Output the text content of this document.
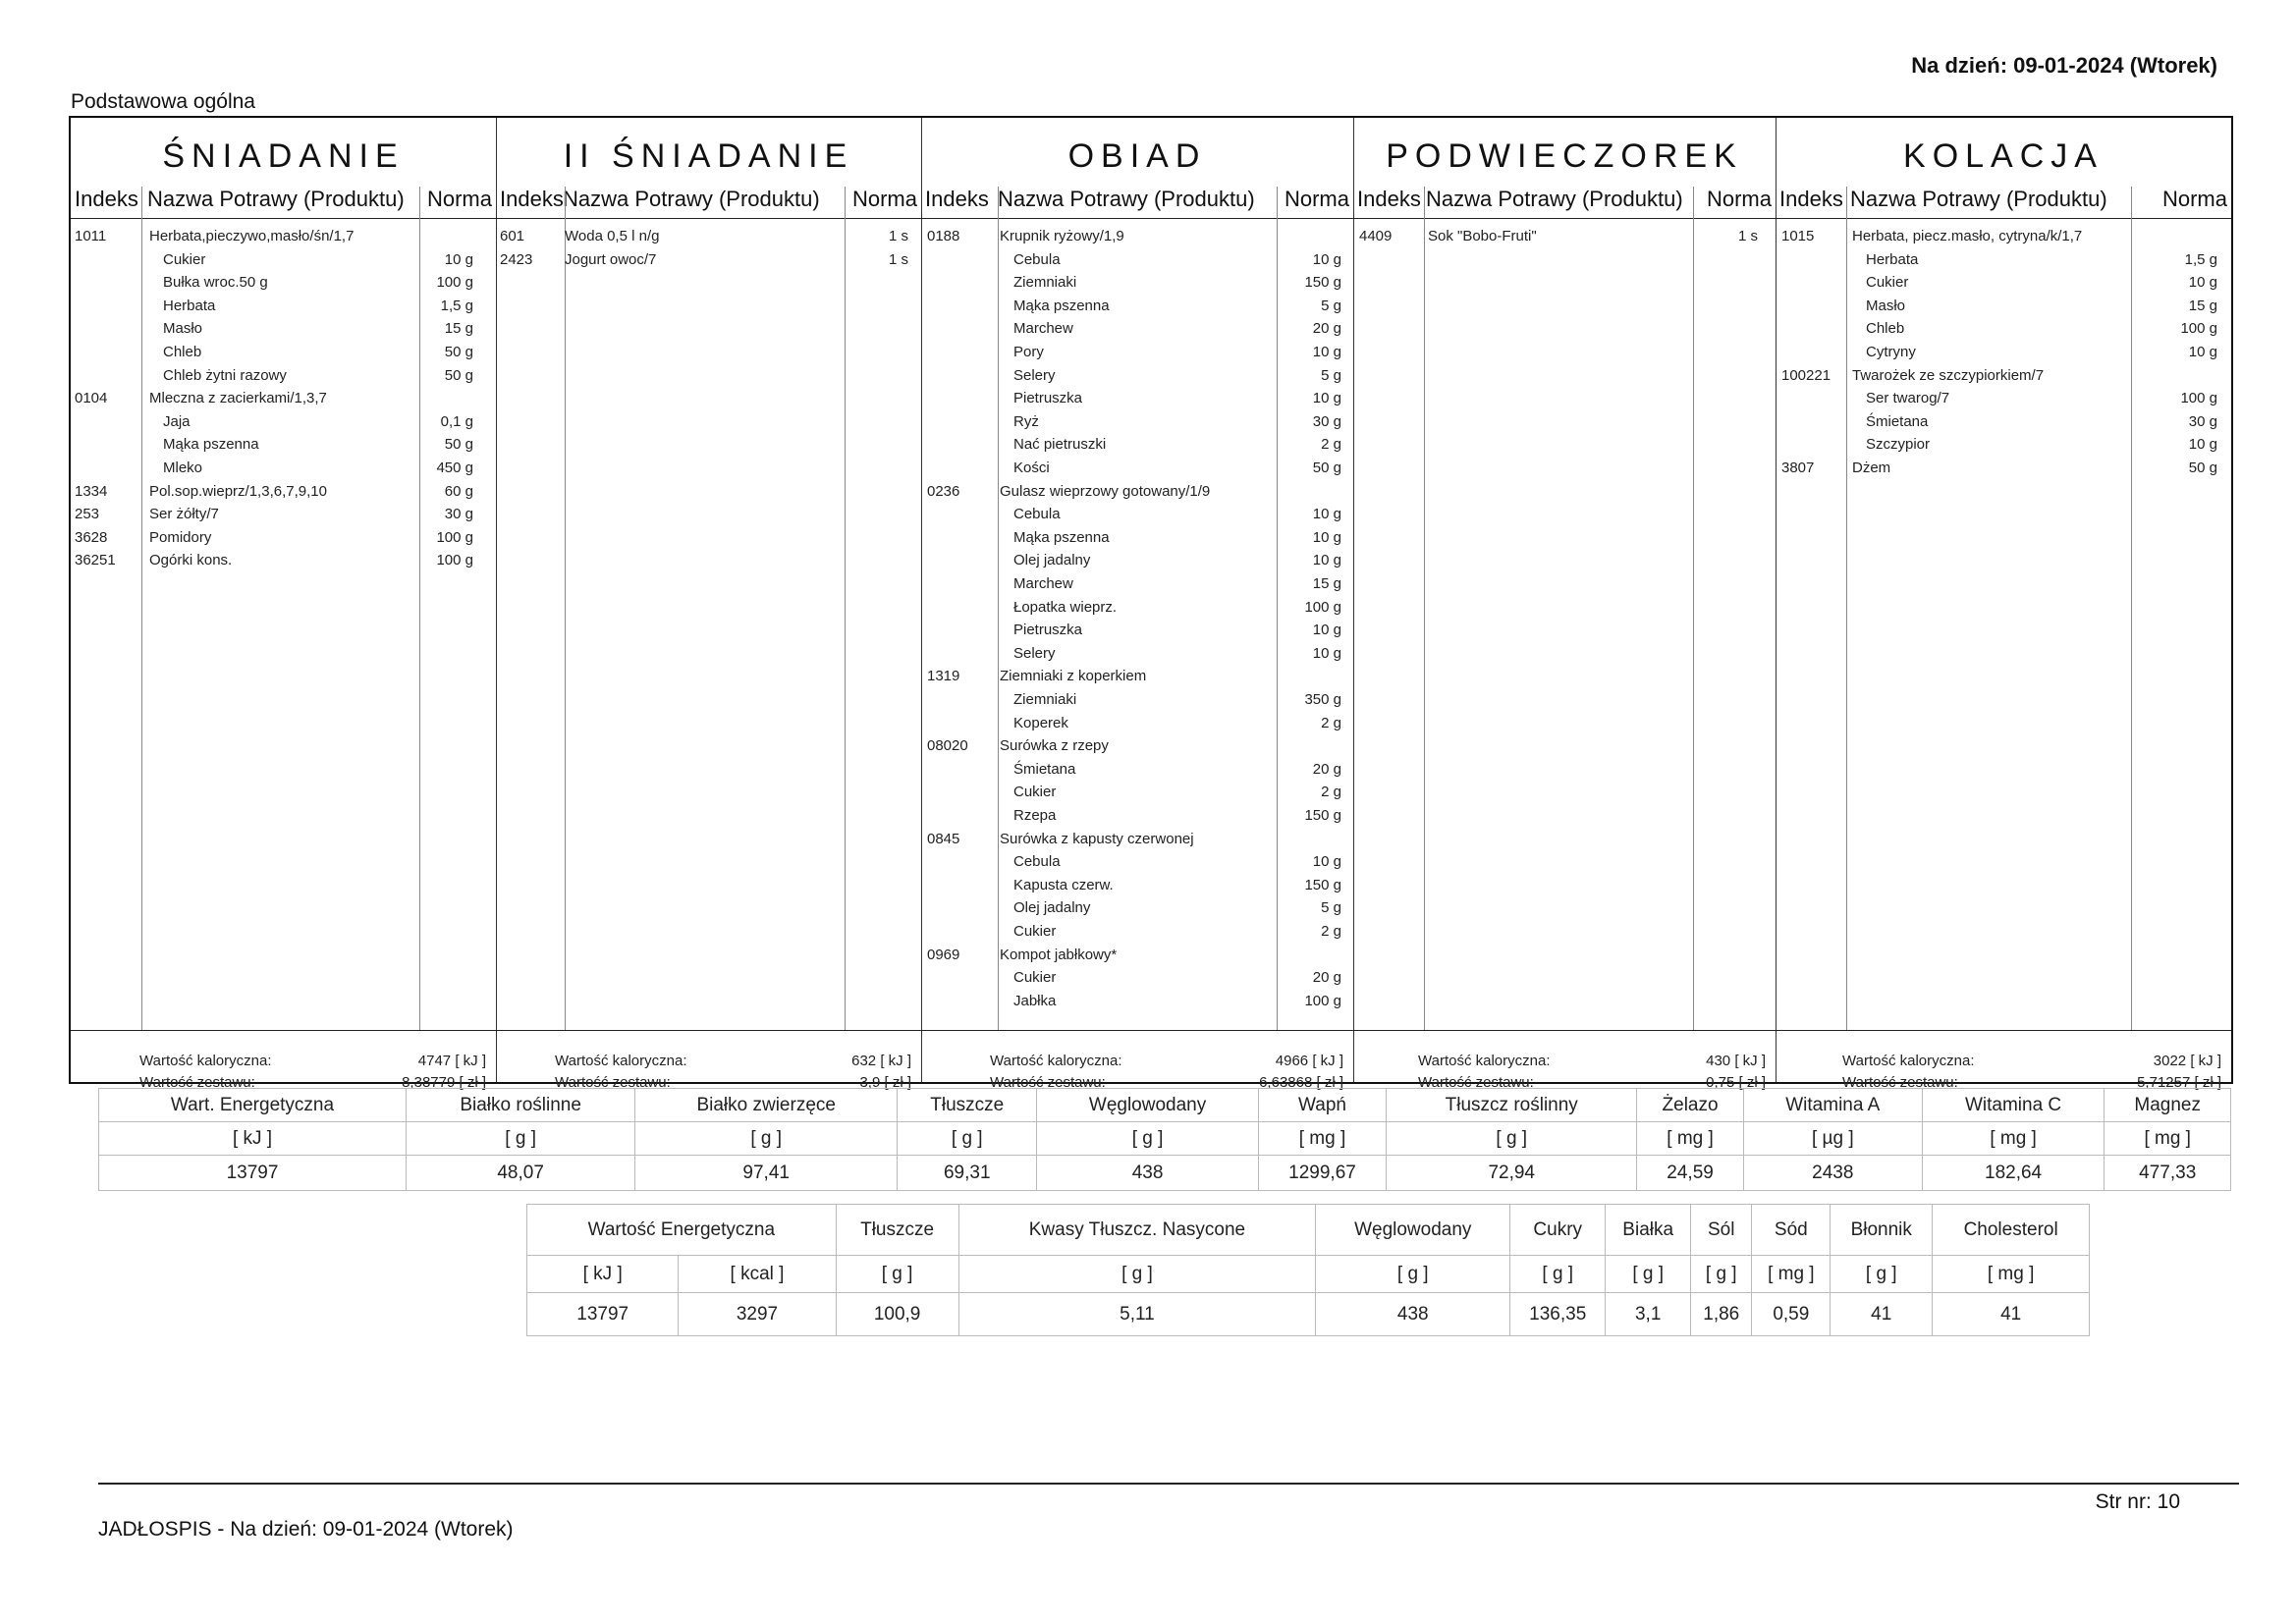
Na dzień: 09-01-2024 (Wtorek)
Podstawowa ogólna
ŚNIADANIE
Indeks Nazwa Potrawy (Produktu) Norma
1011	Herbata,pieczywo,masło/śn/1,7
Cukier	10 g
Bułka wroc.50 g	100 g
Herbata	1,5 g
Masło	15 g
Chleb	50 g
Chleb żytni razowy	50 g
0104	Mleczna z zacierkami/1,3,7
Jaja	0,1 g
Mąka pszenna	50 g
Mleko	450 g
1334	Pol.sop.wieprz/1,3,6,7,9,10	60 g
253	Ser żółty/7	30 g
3628	Pomidory	100 g
36251 Ogórki kons.	100 g
Wartość kaloryczna:	4747 [ kJ ]
Wartość zestawu:	8,38779 [ zł ]
II ŚNIADANIE
Indeks Nazwa Potrawy (Produktu) Norma
601	Woda 0,5 l n/g	1 s
2423 Jogurt owoc/7	1 s
Wartość kaloryczna:	632 [ kJ ]
Wartość zestawu:	3,9 [ zł ]
OBIAD
Indeks Nazwa Potrawy (Produktu) Norma
0188	Krupnik ryżowy/1,9
Cebula	10 g
Ziemniaki	150 g
Mąka pszenna	5 g
Marchew	20 g
Pory	10 g
Selery	5 g
Pietruszka	10 g
Ryż	30 g
Nać pietruszki	2 g
Kości	50 g
0236	Gulasz wieprzowy gotowany/1/9
Cebula	10 g
Mąka pszenna	10 g
Olej jadalny	10 g
Marchew	15 g
Łopatka wieprz.	100 g
Pietruszka	10 g
Selery	10 g
1319	Ziemniaki z koperkiem
Ziemniaki	350 g
Koperek	2 g
08020 Surówka z rzepy
Śmietana	20 g
Cukier	2 g
Rzepa	150 g
0845	Surówka z kapusty czerwonej
Cebula	10 g
Kapusta czerw.	150 g
Olej jadalny	5 g
Cukier	2 g
0969	Kompot jabłkowy*
Cukier	20 g
Jabłka	100 g
Wartość kaloryczna:	4966 [ kJ ]
Wartość zestawu:	6,63868 [ zł ]
PODWIECZOREK
Indeks Nazwa Potrawy (Produktu) Norma
4409 Sok "Bobo-Fruti"	1 s
Wartość kaloryczna:	430 [ kJ ]
Wartość zestawu:	0,75 [ zł ]
KOLACJA
Indeks Nazwa Potrawy (Produktu)	Norma
1015	Herbata, piecz.masło, cytryna/k/1,7
Herbata	1,5 g
Cukier	10 g
Masło	15 g
Chleb	100 g
Cytryny	10 g
100221 Twarożek ze szczypiorkiem/7
Ser twarog/7	100 g
Śmietana	30 g
Szczypior	10 g
3807	Dżem	50 g
Wartość kaloryczna:	3022 [ kJ ]
Wartość zestawu:	5,71257 [ zł ]
Wart. Energetyczna	Białko roślinne	Białko zwierzęce	Tłuszcze	Węglowodany	Wapń	Tłuszcz roślinny	Żelazo	Witamina A	Witamina C	Magnez
[ kJ ]	[ g ]	[ g ]	[ g ]	[ g ]	[ mg ]	[ g ]	[ mg ]	[ µg ]	[ mg ]	[ mg ]
13797	48,07	97,41	69,31	438	1299,67	72,94	24,59	2438	182,64	477,33
Wartość Energetyczna		Tłuszcze	Kwasy Tłuszcz. Nasycone	Węglowodany	Cukry	Białka	Sól	Sód	Błonnik	Cholesterol
[ kJ ]	[ kcal ]	[ g ]	[ g ]	[ g ]	[ g ]	[ g ]	[ g ]	[ mg ]	[ g ]	[ mg ]
13797	3297	100,9	5,11	438	136,35	3,1	1,86	0,59	41	41
JADŁOSPIS - Na dzień: 09-01-2024 (Wtorek)
Str nr: 10
